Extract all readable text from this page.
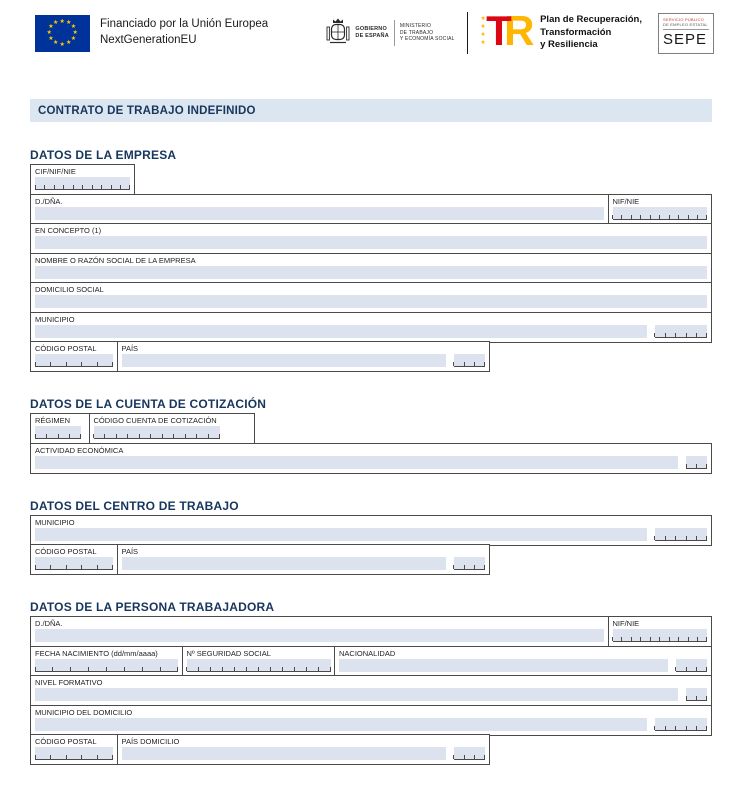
★ ★
★
★
★
★
★
★
★
★
★
★	Financiado por la Unión Europea
NextGenerationEU
GOBIERNO
DE ESPAÑA
MINISTERIO
DE TRABAJO
Y ECONOMÍA SOCIAL
★
★
★
★ R
T	Plan de Recuperación,
Transformación
y Resiliencia
SERVICIO PÚBLICO
DE EMPLEO ESTATAL
SEPE
CONTRATO DE TRABAJO INDEFINIDO
DATOS DE LA EMPRESA
CIF/NIF/NIE
D./DÑA.	NIF/NIE
EN CONCEPTO (1)
NOMBRE O RAZÓN SOCIAL DE LA EMPRESA
DOMICILIO SOCIAL
MUNICIPIO
CÓDIGO POSTAL	PAÍS
DATOS DE LA CUENTA DE COTIZACIÓN
RÉGIMEN	CÓDIGO CUENTA DE COTIZACIÓN
ACTIVIDAD ECONÓMICA
DATOS DEL CENTRO DE TRABAJO
MUNICIPIO
CÓDIGO POSTAL	PAÍS
DATOS DE LA PERSONA TRABAJADORA
D./DÑA.	NIF/NIE
FECHA NACIMIENTO (dd/mm/aaaa)	Nº SEGURIDAD SOCIAL	NACIONALIDAD
NIVEL FORMATIVO
MUNICIPIO DEL DOMICILIO
CÓDIGO POSTAL	PAÍS DOMICILIO
